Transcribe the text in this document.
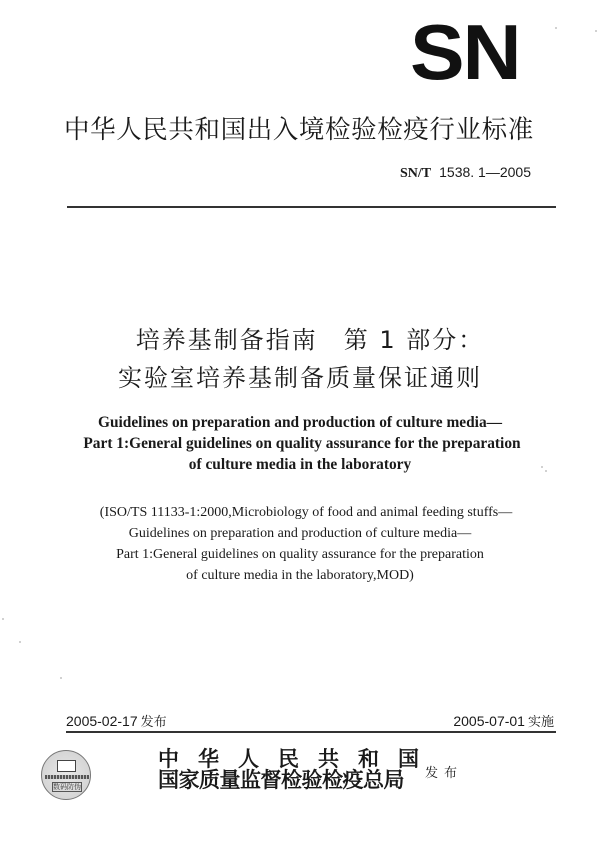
SN
中华人民共和国出入境检验检疫行业标准
SN/T 1538. 1—2005
培养基制备指南　第 1 部分：
实验室培养基制备质量保证通则
Guidelines on preparation and production of culture media—
Part 1:General guidelines on quality assurance for the preparation
of culture media in the laboratory
(ISO/TS 11133-1:2000,Microbiology of food and animal feeding stuffs—
Guidelines on preparation and production of culture media—
Part 1:General guidelines on quality assurance for the preparation
of culture media in the laboratory,MOD)
2005-02-17 发布	2005-07-01 实施
数码防伪
中华人民共和国
国家质量监督检验检疫总局 发布
